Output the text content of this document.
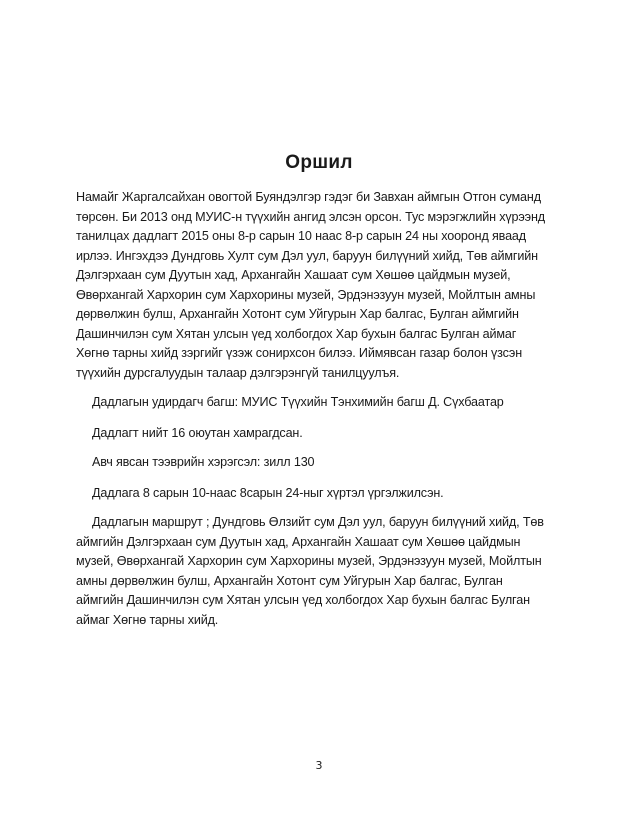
Оршил
Намайг Жаргалсайхан овогтой Буяндэлгэр гэдэг би Завхан аймгын Отгон суманд
төрсөн. Би 2013 онд МУИС-н түүхийн ангид элсэн орсон. Тус мэрэгжлийн хүрээнд
танилцах дадлагт 2015 оны 8-р сарын 10 наас 8-р сарын 24 ны хооронд яваад
ирлээ. Ингэхдээ Дундговь Хулт сум Дэл уул, баруун билүүний хийд, Төв аймгийн
Дэлгэрхаан сум Дуутын хад, Архангайн Хашаат сум Хөшөө цайдмын музей,
Өвөрхангай Хархорин сум Хархорины музей, Эрдэнэзуун музей, Мойлтын амны
дөрвөлжин булш, Архангайн Хотонт сум Уйгурын Хар балгас, Булган аймгийн
Дашинчилэн сум Хятан улсын үед холбогдох Хар бухын балгас Булган аймаг
Хөгнө тарны хийд зэргийг үзэж сонирхсон билээ. Иймявсан газар болон үзсэн
түүхийн дурсгалуудын талаар дэлгэрэнгүй танилцуулъя.
Дадлагын удирдагч багш: МУИС Түүхийн Тэнхимийн багш Д. Сүхбаатар
Дадлагт нийт 16 оюутан хамрагдсан.
Авч явсан тээврийн хэрэгсэл: зилл 130
Дадлага 8 сарын 10-наас 8сарын 24-ныг хүртэл үргэлжилсэн.
Дадлагын маршрут ; Дундговь Өлзийт сум Дэл уул, баруун билүүний хийд, Төв
аймгийн Дэлгэрхаан сум Дуутын хад, Архангайн Хашаат сум Хөшөө цайдмын
музей, Өвөрхангай Хархорин сум Хархорины музей, Эрдэнэзуун музей, Мойлтын
амны дөрвөлжин булш, Архангайн Хотонт сум Уйгурын Хар балгас, Булган
аймгийн Дашинчилэн сум Хятан улсын үед холбогдох Хар бухын балгас Булган
аймаг Хөгнө тарны хийд.
3
